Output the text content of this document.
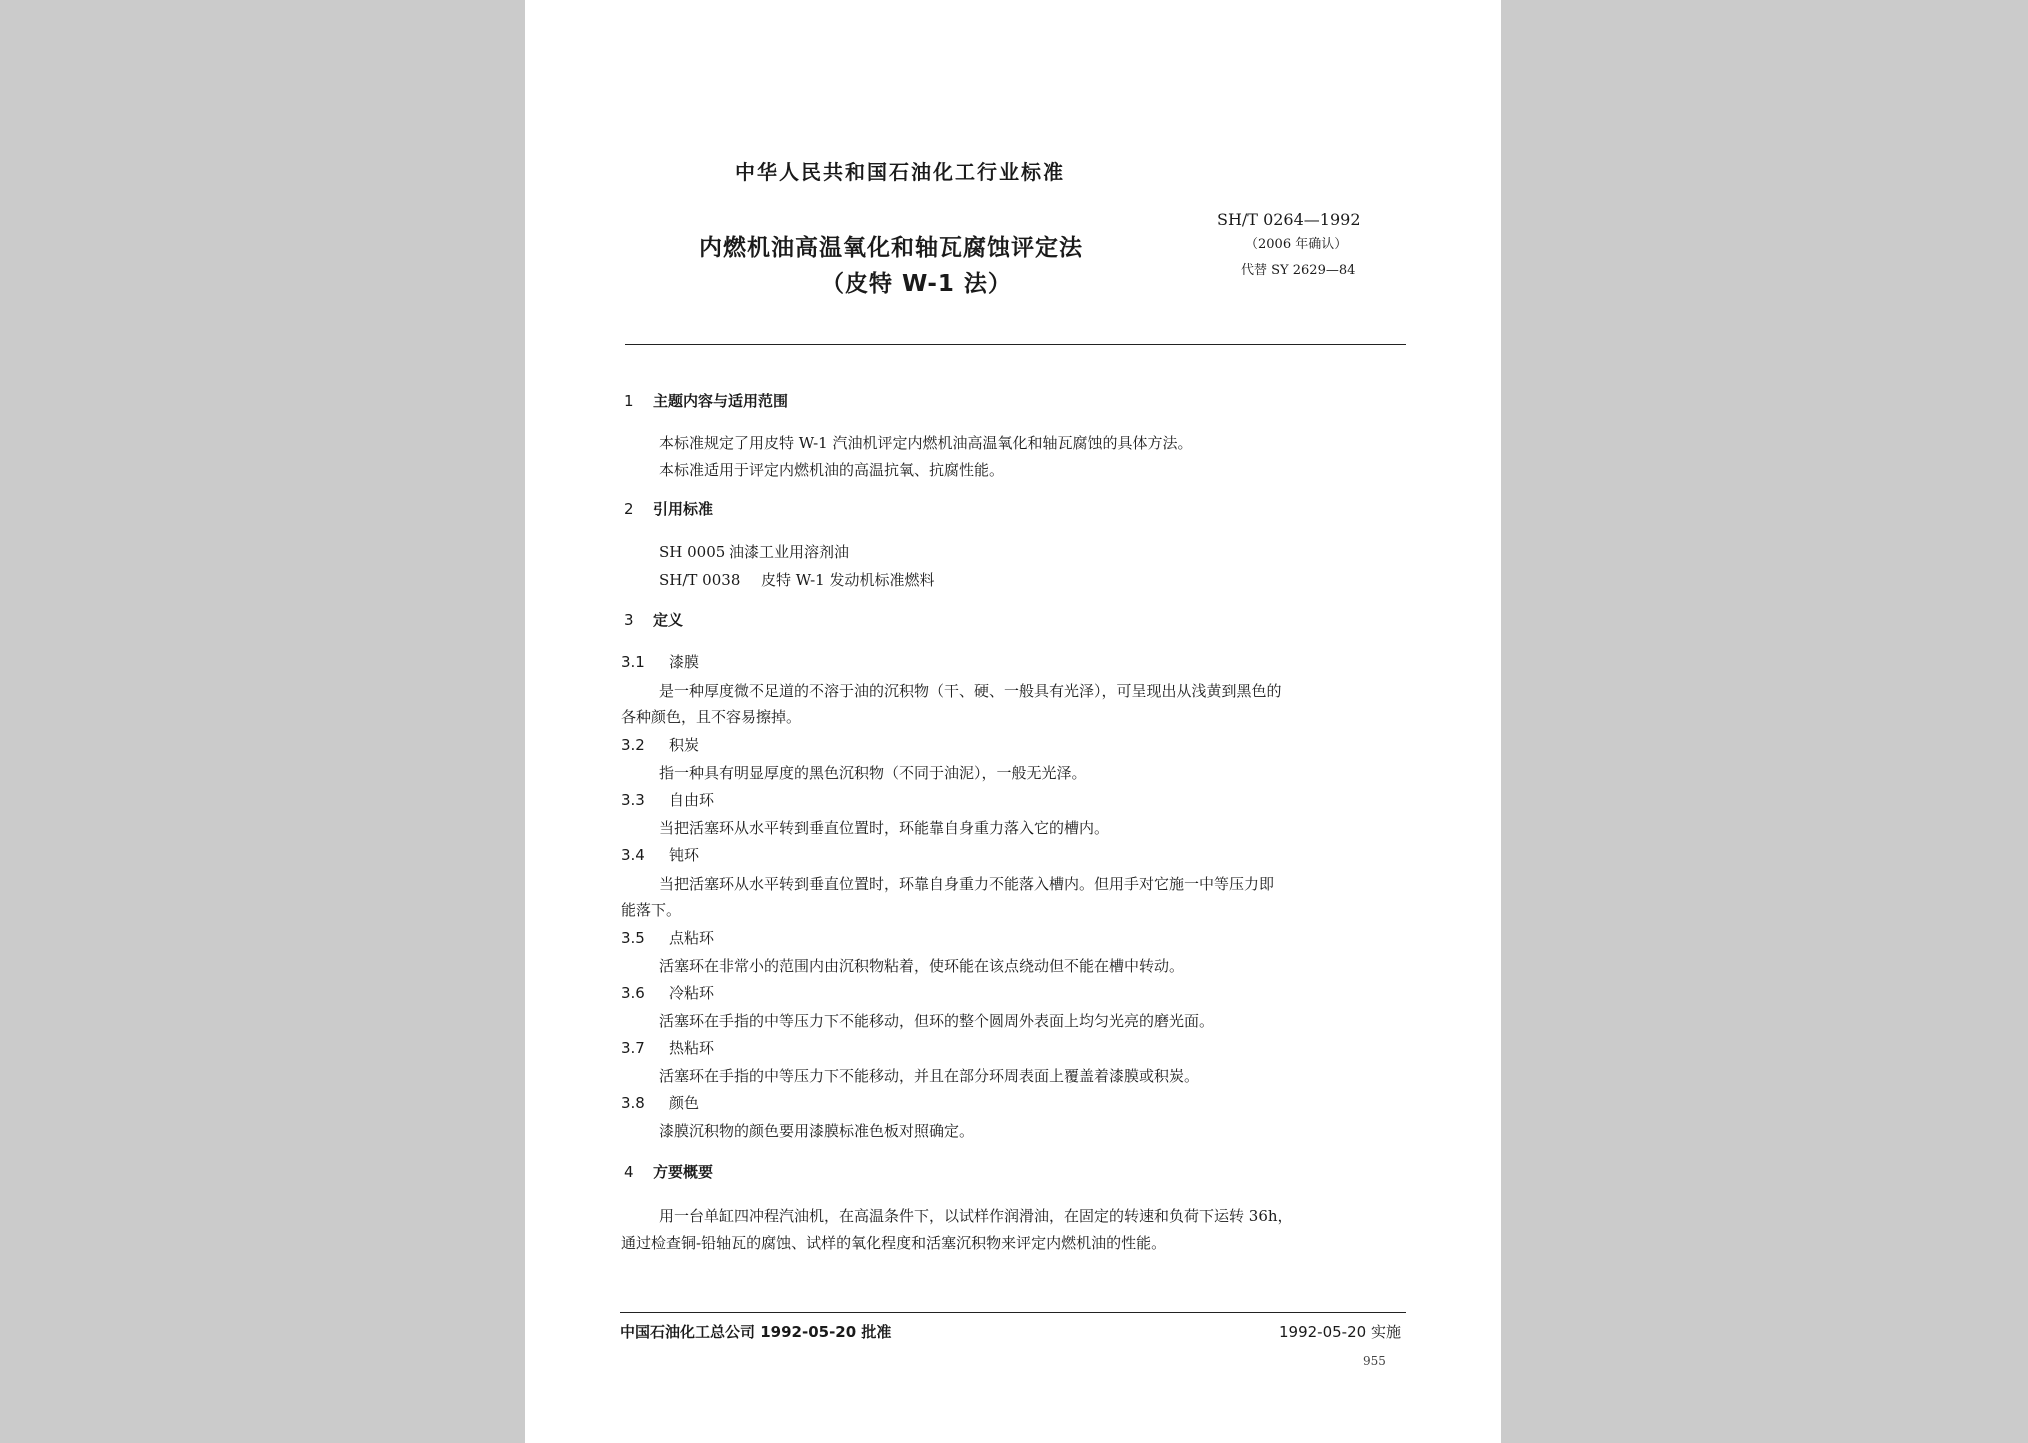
中华人民共和国石油化工行业标准
内燃机油高温氧化和轴瓦腐蚀评定法
（皮特 W-1 法）
SH/T 0264—1992
（2006 年确认）
代替 SY 2629—84
1 主题内容与适用范围
本标准规定了用皮特 W-1 汽油机评定内燃机油高温氧化和轴瓦腐蚀的具体方法。
本标准适用于评定内燃机油的高温抗氧、抗腐性能。
2 引用标准
SH 0005 油漆工业用溶剂油
SH/T 0038 皮特 W-1 发动机标准燃料
3 定义
3.1 漆膜
是一种厚度微不足道的不溶于油的沉积物（干、硬、一般具有光泽），可呈现出从浅黄到黑色的
各种颜色，且不容易擦掉。
3.2 积炭
指一种具有明显厚度的黑色沉积物（不同于油泥），一般无光泽。
3.3 自由环
当把活塞环从水平转到垂直位置时，环能靠自身重力落入它的槽内。
3.4 钝环
当把活塞环从水平转到垂直位置时，环靠自身重力不能落入槽内。但用手对它施一中等压力即
能落下。
3.5 点粘环
活塞环在非常小的范围内由沉积物粘着，使环能在该点绕动但不能在槽中转动。
3.6 冷粘环
活塞环在手指的中等压力下不能移动，但环的整个圆周外表面上均匀光亮的磨光面。
3.7 热粘环
活塞环在手指的中等压力下不能移动，并且在部分环周表面上覆盖着漆膜或积炭。
3.8 颜色
漆膜沉积物的颜色要用漆膜标准色板对照确定。
4 方要概要
用一台单缸四冲程汽油机，在高温条件下，以试样作润滑油，在固定的转速和负荷下运转 36h，
通过检查铜-铅轴瓦的腐蚀、试样的氧化程度和活塞沉积物来评定内燃机油的性能。
中国石油化工总公司 1992-05-20 批准	1992-05-20 实施
955
